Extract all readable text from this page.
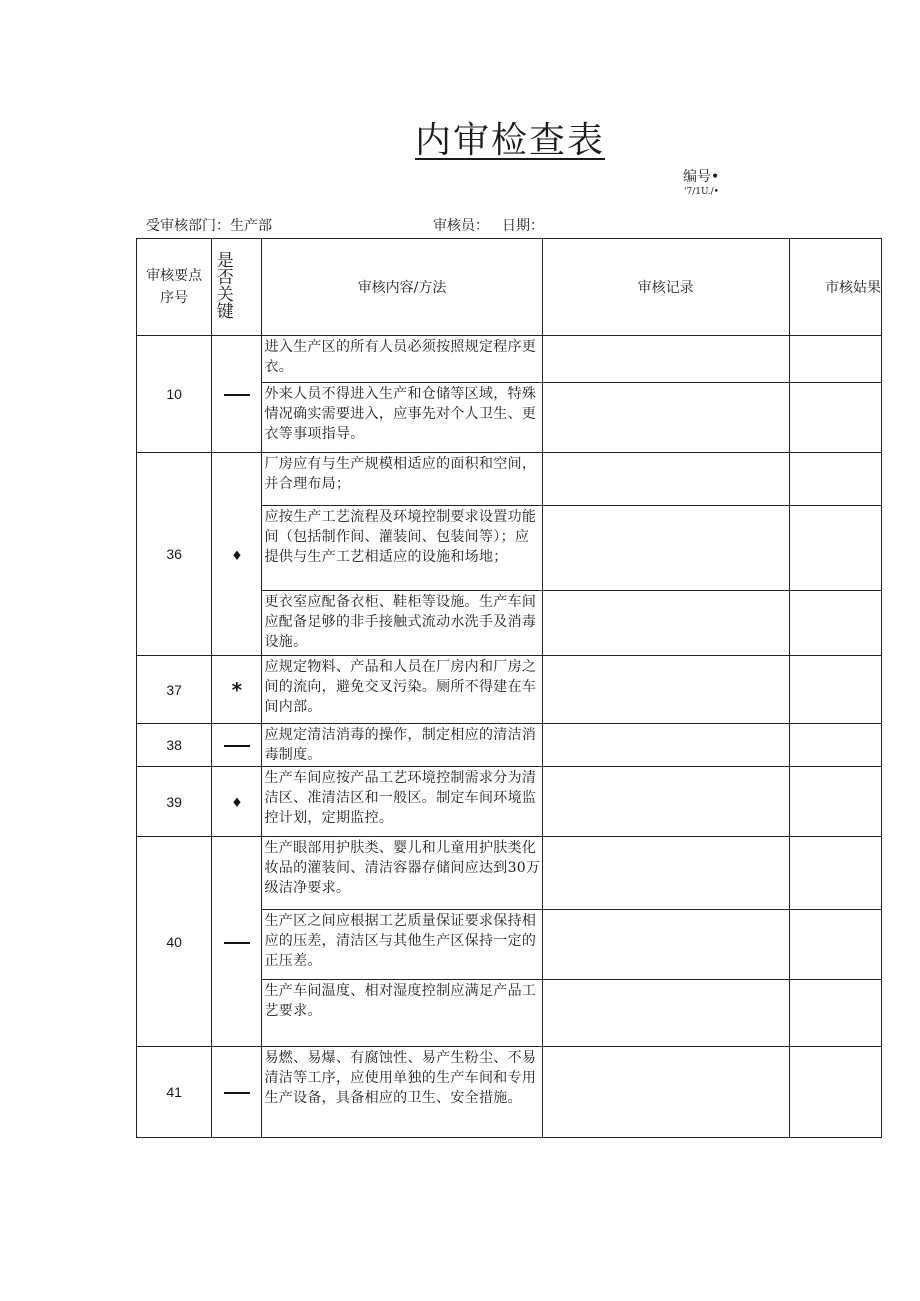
内审检查表
编号•
'7/1U./•
受审核部门：生产部	审核员： 日期：
审核要点序号	是否关键	审核内容/方法	审核记录	市核姑果
10		进入生产区的所有人员必须按照规定程序更衣。		
		外来人员不得进入生产和仓储等区域，特殊情况确实需要进入，应事先对个人卫生、更衣等事项指导。		
36	♦	厂房应有与生产规模相适应的面积和空间，并合理布局；		
		应按生产工艺流程及环境控制要求设置功能间（包括制作间、灌装间、包装间等）；应提供与生产工艺相适应的设施和场地；		
		更衣室应配备衣柜、鞋柜等设施。生产车间应配备足够的非手接触式流动水洗手及消毒设施。		
37	*	应规定物料、产品和人员在厂房内和厂房之间的流向，避免交叉污染。厕所不得建在车间内部。		
38		应规定清洁消毒的操作，制定相应的清洁消毒制度。		
39	♦	生产车间应按产品工艺环境控制需求分为清洁区、准清洁区和一般区。制定车间环境监控计划，定期监控。		
40		生产眼部用护肤类、婴儿和儿童用护肤类化妆品的灌装间、清洁容器存储间应达到30万级洁净要求。		
		生产区之间应根据工艺质量保证要求保持相应的压差，清洁区与其他生产区保持一定的正压差。		
		生产车间温度、相对湿度控制应满足产品工艺要求。		
41		易燃、易爆、有腐蚀性、易产生粉尘、不易清洁等工序，应使用单独的生产车间和专用生产设备，具备相应的卫生、安全措施。		
